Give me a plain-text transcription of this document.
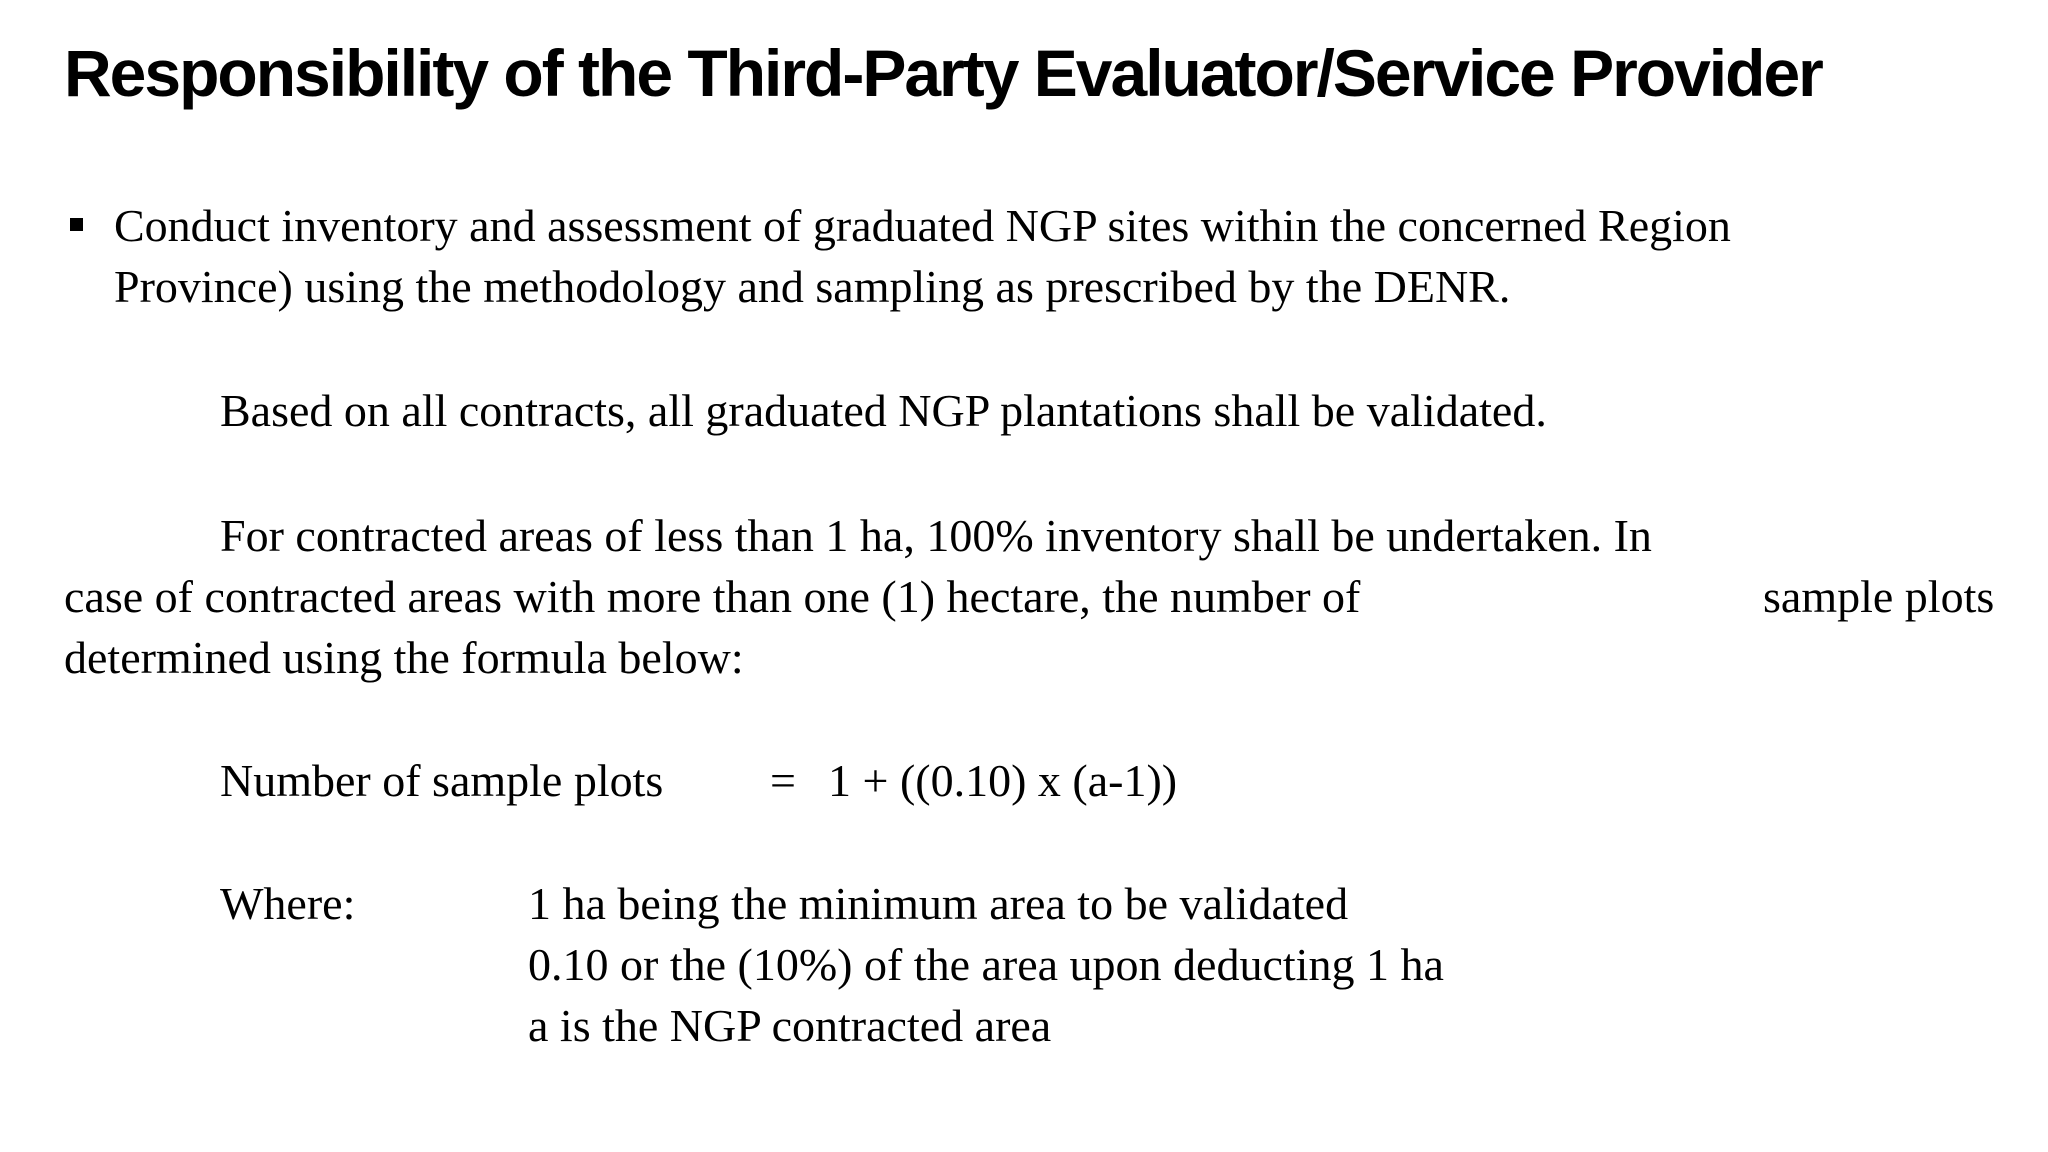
Responsibility of the Third-Party Evaluator/Service Provider
Conduct inventory and assessment of graduated NGP sites within the concerned Region
Province) using the methodology and sampling as prescribed by the DENR.
Based on all contracts, all graduated NGP plantations shall be validated.
For contracted areas of less than 1 ha, 100% inventory shall be undertaken. In
case of contracted areas with more than one (1) hectare, the number of	sample plots
determined using the formula below:
Number of sample plots = 1 + ((0.10) x (a-1))
Where:	1 ha being the minimum area to be validated
0.10 or the (10%) of the area upon deducting 1 ha
a is the NGP contracted area
